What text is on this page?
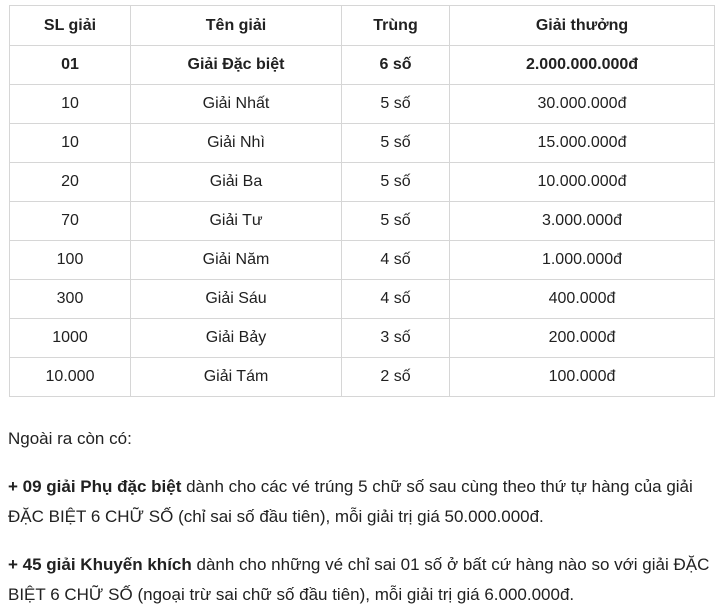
SL giải	Tên giải	Trùng	Giải thưởng
01	Giải Đặc biệt	6 số	2.000.000.000đ
10	Giải Nhất	5 số	30.000.000đ
10	Giải Nhì	5 số	15.000.000đ
20	Giải Ba	5 số	10.000.000đ
70	Giải Tư	5 số	3.000.000đ
100	Giải Năm	4 số	1.000.000đ
300	Giải Sáu	4 số	400.000đ
1000	Giải Bảy	3 số	200.000đ
10.000	Giải Tám	2 số	100.000đ

Ngoài ra còn có:

+ 09 giải Phụ đặc biệt dành cho các vé trúng 5 chữ số sau cùng theo thứ tự hàng của giải ĐẶC BIỆT 6 CHỮ SỐ (chỉ sai số đầu tiên), mỗi giải trị giá 50.000.000đ.

+ 45 giải Khuyến khích dành cho những vé chỉ sai 01 số ở bất cứ hàng nào so với giải ĐẶC BIỆT 6 CHỮ SỐ (ngoại trừ sai chữ số đầu tiên), mỗi giải trị giá 6.000.000đ.
